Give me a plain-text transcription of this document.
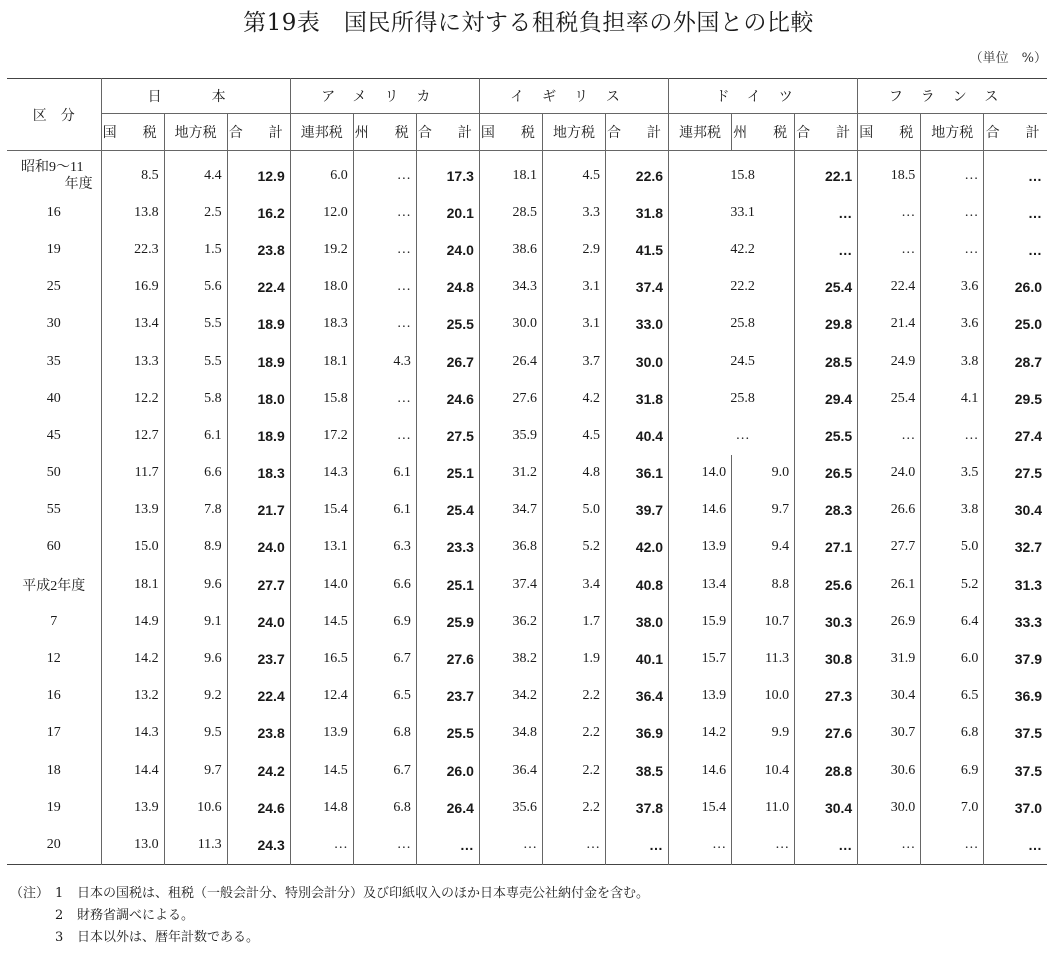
第19表　国民所得に対する租税負担率の外国との比較
（単位　%）
区　分	日　本			アメリカ			イギリス			ドイツ			フランス		
	国　税	地方税	合　計	連邦税	州　税	合　計	国　税	地方税	合　計	連邦税	州　税	合　計	国　税	地方税	合　計

昭和9～11
年度	8.5	4.4	12.9	6.0	…	17.3	18.1	4.5	22.6	15.8		22.1	18.5	…	…
16	13.8	2.5	16.2	12.0	…	20.1	28.5	3.3	31.8	33.1		…	…	…	…
19	22.3	1.5	23.8	19.2	…	24.0	38.6	2.9	41.5	42.2		…	…	…	…
25	16.9	5.6	22.4	18.0	…	24.8	34.3	3.1	37.4	22.2		25.4	22.4	3.6	26.0
30	13.4	5.5	18.9	18.3	…	25.5	30.0	3.1	33.0	25.8		29.8	21.4	3.6	25.0
35	13.3	5.5	18.9	18.1	4.3	26.7	26.4	3.7	30.0	24.5		28.5	24.9	3.8	28.7
40	12.2	5.8	18.0	15.8	…	24.6	27.6	4.2	31.8	25.8		29.4	25.4	4.1	29.5
45	12.7	6.1	18.9	17.2	…	27.5	35.9	4.5	40.4	…		25.5	…	…	27.4
50	11.7	6.6	18.3	14.3	6.1	25.1	31.2	4.8	36.1	14.0	9.0	26.5	24.0	3.5	27.5
55	13.9	7.8	21.7	15.4	6.1	25.4	34.7	5.0	39.7	14.6	9.7	28.3	26.6	3.8	30.4
60	15.0	8.9	24.0	13.1	6.3	23.3	36.8	5.2	42.0	13.9	9.4	27.1	27.7	5.0	32.7
平成2年度	18.1	9.6	27.7	14.0	6.6	25.1	37.4	3.4	40.8	13.4	8.8	25.6	26.1	5.2	31.3
7	14.9	9.1	24.0	14.5	6.9	25.9	36.2	1.7	38.0	15.9	10.7	30.3	26.9	6.4	33.3
12	14.2	9.6	23.7	16.5	6.7	27.6	38.2	1.9	40.1	15.7	11.3	30.8	31.9	6.0	37.9
16	13.2	9.2	22.4	12.4	6.5	23.7	34.2	2.2	36.4	13.9	10.0	27.3	30.4	6.5	36.9
17	14.3	9.5	23.8	13.9	6.8	25.5	34.8	2.2	36.9	14.2	9.9	27.6	30.7	6.8	37.5
18	14.4	9.7	24.2	14.5	6.7	26.0	36.4	2.2	38.5	14.6	10.4	28.8	30.6	6.9	37.5
19	13.9	10.6	24.6	14.8	6.8	26.4	35.6	2.2	37.8	15.4	11.0	30.4	30.0	7.0	37.0
20	13.0	11.3	24.3	…	…	…	…	…	…	…	…	…	…	…	…
（注） 1	日本の国税は、租税（一般会計分、特別会計分）及び印紙収入のほか日本専売公社納付金を含む。
2	財務省調べによる。
3	日本以外は、暦年計数である。
